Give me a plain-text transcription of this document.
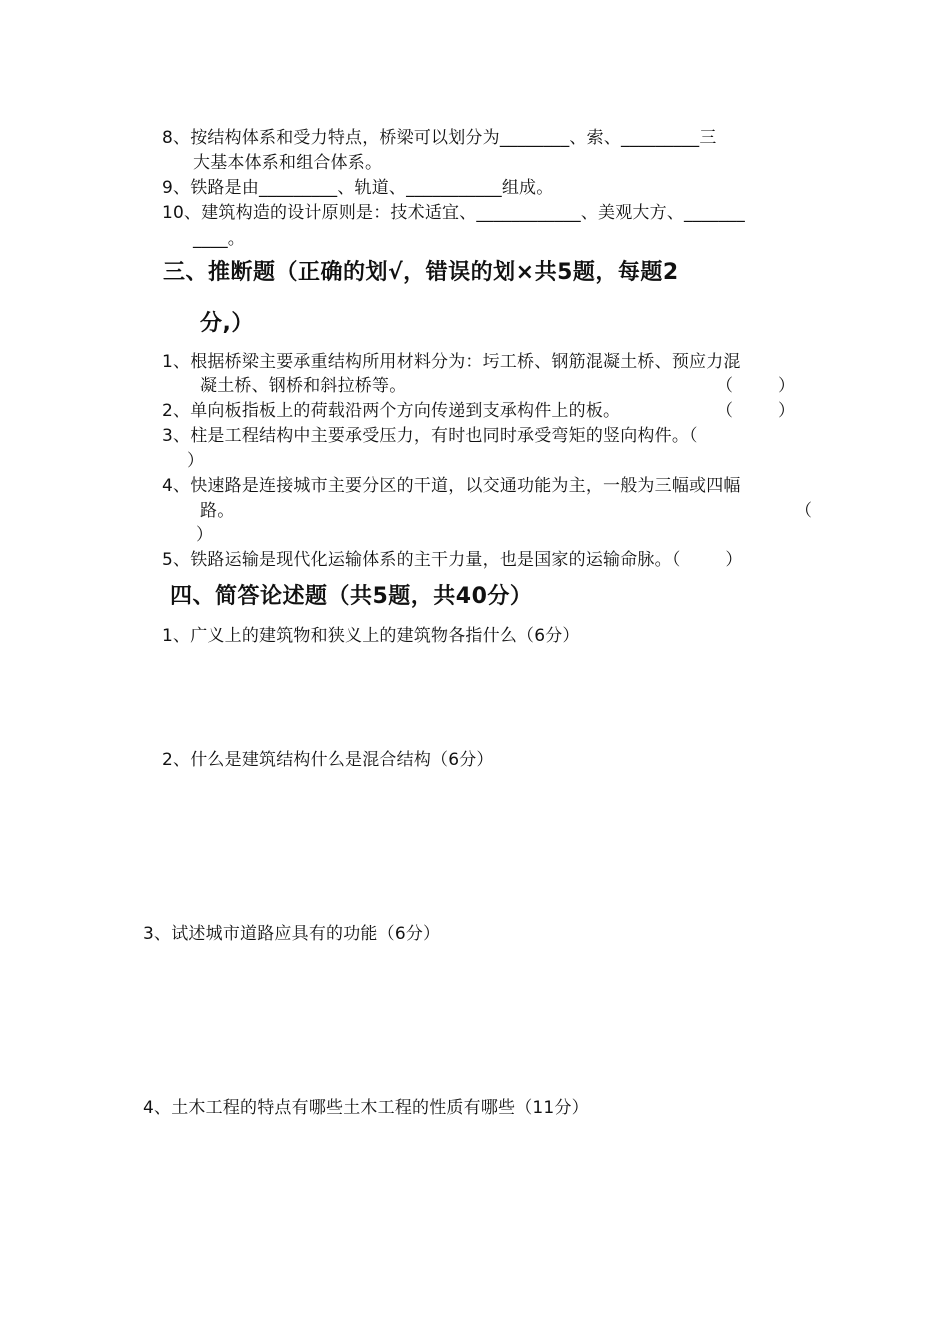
8、按结构体系和受力特点，桥梁可以划分为________、索、_________三
大基本体系和组合体系。
9、铁路是由_________、轨道、___________组成。
10、建筑构造的设计原则是：技术适宜、____________、美观大方、_______
____。
三、推断题（正确的划√，错误的划×共5题，每题2
分,）
1、根据桥梁主要承重结构所用材料分为：圬工桥、钢筋混凝土桥、预应力混
凝土桥、钢桥和斜拉桥等。	（        ）
2、单向板指板上的荷载沿两个方向传递到支承构件上的板。	（        ）
3、柱是工程结构中主要承受压力，有时也同时承受弯矩的竖向构件。（
）
4、快速路是连接城市主要分区的干道，以交通功能为主，一般为三幅或四幅
路。	（
）
5、铁路运输是现代化运输体系的主干力量，也是国家的运输命脉。（        ）
四、简答论述题（共5题，共40分）
1、广义上的建筑物和狭义上的建筑物各指什么（6分）
2、什么是建筑结构什么是混合结构（6分）
3、试述城市道路应具有的功能（6分）
4、土木工程的特点有哪些土木工程的性质有哪些（11分）
